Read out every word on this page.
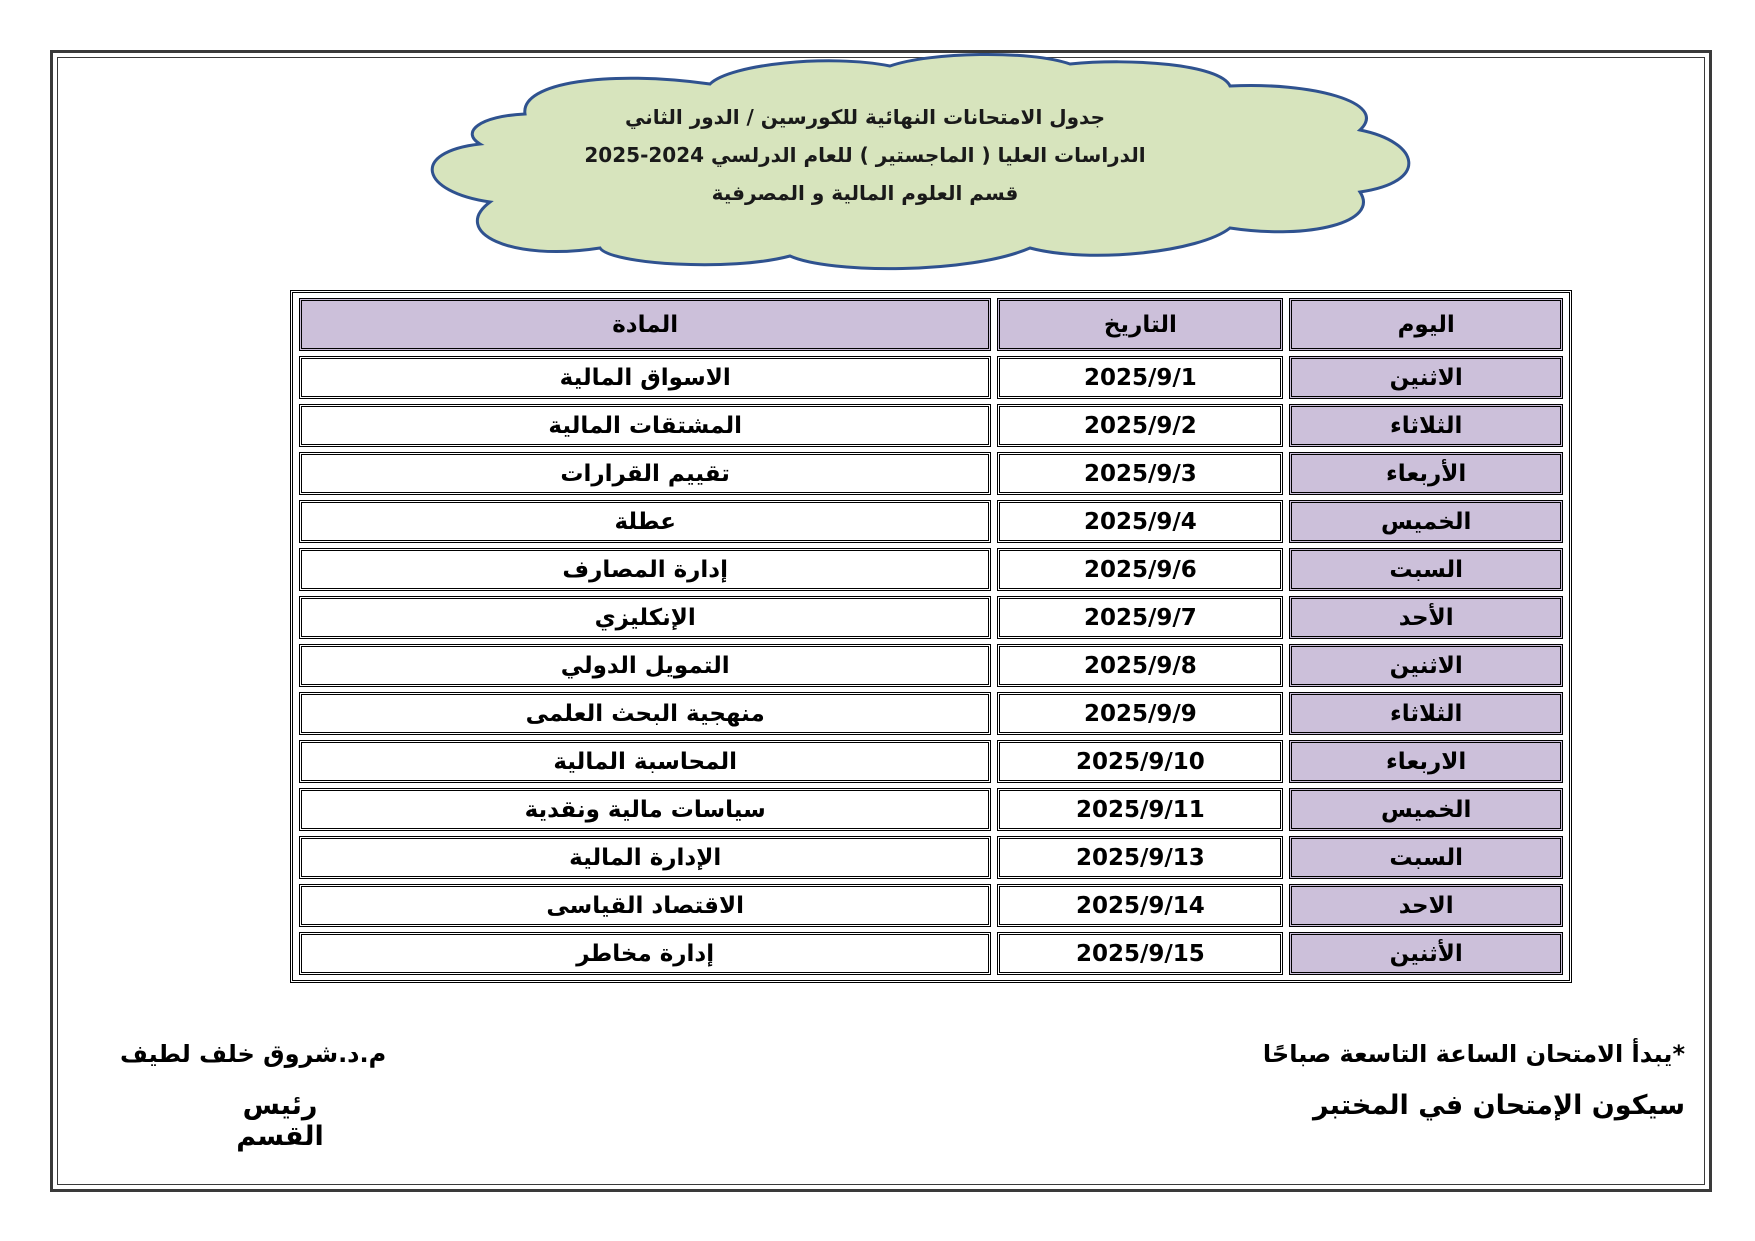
جدول الامتحانات النهائية للكورسين / الدور الثاني
الدراسات العليا ( الماجستير ) للعام الدرلسي 2024-2025
قسم العلوم المالية و المصرفية
اليوم	التاريخ	المادة
الاثنين	2025/9/1	الاسواق المالية
الثلاثاء	2025/9/2	المشتقات المالية
الأربعاء	2025/9/3	تقييم القرارات
الخميس	2025/9/4	عطلة
السبت	2025/9/6	إدارة المصارف
الأحد	2025/9/7	الإنكليزي
الاثنين	2025/9/8	التمويل الدولي
الثلاثاء	2025/9/9	منهجية البحث العلمى
الاربعاء	2025/9/10	المحاسبة المالية
الخميس	2025/9/11	سياسات مالية ونقدية
السبت	2025/9/13	الإدارة المالية
الاحد	2025/9/14	الاقتصاد القياسى
الأثنين	2025/9/15	إدارة مخاطر
*يبدأ الامتحان الساعة التاسعة صباحًا
سيكون الإمتحان في المختبر
م.د.شروق خلف لطيف
رئيس القسم
